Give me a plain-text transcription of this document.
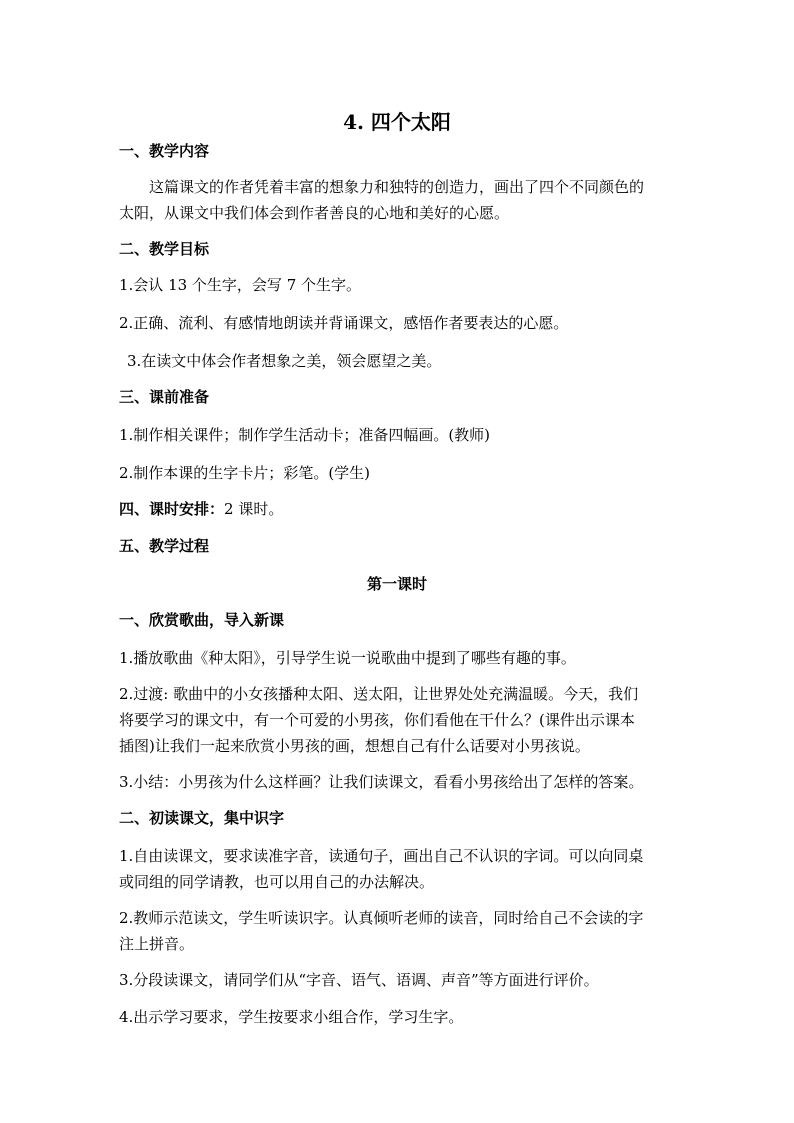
4. 四个太阳
一、教学内容
这篇课文的作者凭着丰富的想象力和独特的创造力，画出了四个不同颜色的
太阳，从课文中我们体会到作者善良的心地和美好的心愿。
二、教学目标
1.会认 13 个生字，会写 7 个生字。
2.正确、流利、有感情地朗读并背诵课文，感悟作者要表达的心愿。
3.在读文中体会作者想象之美，领会愿望之美。
三、课前准备
1.制作相关课件；制作学生活动卡；准备四幅画。(教师)
2.制作本课的生字卡片；彩笔。(学生)
四、课时安排：2 课时。
五、教学过程
第一课时
一、欣赏歌曲，导入新课
1.播放歌曲《种太阳》，引导学生说一说歌曲中提到了哪些有趣的事。
2.过渡: 歌曲中的小女孩播种太阳、送太阳，让世界处处充满温暖。今天，我们
将要学习的课文中，有一个可爱的小男孩，你们看他在干什么？(课件出示课本
插图)让我们一起来欣赏小男孩的画，想想自己有什么话要对小男孩说。
3.小结：小男孩为什么这样画？让我们读课文，看看小男孩给出了怎样的答案。
二、初读课文，集中识字
1.自由读课文，要求读准字音，读通句子，画出自己不认识的字词。可以向同桌
或同组的同学请教，也可以用自己的办法解决。
2.教师示范读文，学生听读识字。认真倾听老师的读音，同时给自己不会读的字
注上拼音。
3.分段读课文，请同学们从“字音、语气、语调、声音”等方面进行评价。
4.出示学习要求，学生按要求小组合作，学习生字。
